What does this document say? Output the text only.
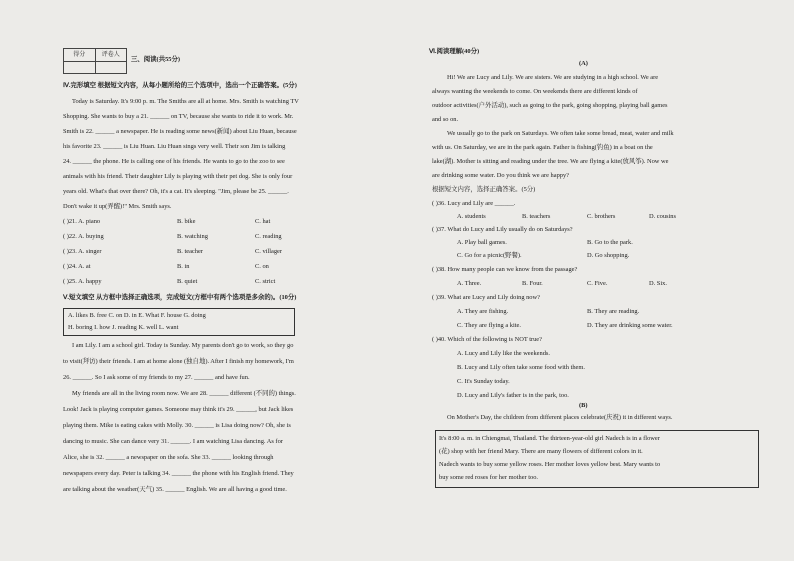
得分	评卷人
三、阅读(共55分)
Ⅳ.完形填空 根据短文内容，从每小题所给的三个选项中，选出一个正确答案。(5分)
Today is Saturday. It's 9:00 p. m. The Smiths are all at home. Mrs. Smith is watching TV
Shopping. She wants to buy a 21. ______ on TV, because she wants to ride it to work. Mr.
Smith is 22. ______ a newspaper. He is reading some news(新闻) about Liu Huan, because
his favorite 23. ______ is Liu Huan. Liu Huan sings very well. Their son Jim is talking
24. ______ the phone. He is calling one of his friends. He wants to go to the zoo to see
animals with his friend. Their daughter Lily is playing with their pet dog. She is only four
years old. What's that over there? Oh, it's a cat. It's sleeping. "Jim, please be 25. ______.
Don't wake it up(弄醒)!" Mrs. Smith says.
( )21. A. piano	B. bike	C. hat
( )22. A. buying	B. watching	C. reading
( )23. A. singer	B. teacher	C. villager
( )24. A. at	B. in	C. on
( )25. A. happy	B. quiet	C. strict
Ⅴ.短文填空 从方框中选择正确选项，完成短文(方框中有两个选项是多余的)。(10分)
A. likes B. free C. on D. in E. What F. house G. doing
H. boring I. how J. reading K. well L. want
I am Lily. I am a school girl. Today is Sunday. My parents don't go to work, so they go
to visit(拜访) their friends. I am at home alone (独自地). After I finish my homework, I'm
26. ______. So I ask some of my friends to my 27. ______ and have fun.
My friends are all in the living room now. We are 28. ______ different (不同的) things.
Look! Jack is playing computer games. Someone may think it's 29. ______, but Jack likes
playing them. Mike is eating cakes with Molly. 30. ______ is Lisa doing now? Oh, she is
dancing to music. She can dance very 31. ______. I am watching Lisa dancing. As for
Alice, she is 32. ______ a newspaper on the sofa. She 33. ______ looking through
newspapers every day. Peter is talking 34. ______ the phone with his English friend. They
are talking about the weather(天气) 35. ______ English. We are all having a good time.
Ⅵ.阅读理解(40分)
(A)
Hi! We are Lucy and Lily. We are sisters. We are studying in a high school. We are
always wanting the weekends to come. On weekends there are different kinds of
outdoor activities(户外活动), such as going to the park, going shopping, playing ball games
and so on.
We usually go to the park on Saturdays. We often take some bread, meat, water and milk
with us. On Saturday, we are in the park again. Father is fishing(钓鱼) in a boat on the
lake(湖). Mother is sitting and reading under the tree. We are flying a kite(放风筝). Now we
are drinking some water. Do you think we are happy?
根据短文内容，选择正确答案。(5分)
( )36. Lucy and Lily are ______.
A. students	B. teachers	C. brothers	D. cousins
( )37. What do Lucy and Lily usually do on Saturdays?
A. Play ball games.	B. Go to the park.
C. Go for a picnic(野餐).	D. Go shopping.
( )38. How many people can we know from the passage?
A. Three.	B. Four.	C. Five.	D. Six.
( )39. What are Lucy and Lily doing now?
A. They are fishing.	B. They are reading.
C. They are flying a kite.	D. They are drinking some water.
( )40. Which of the following is NOT true?
A. Lucy and Lily like the weekends.
B. Lucy and Lily often take some food with them.
C. It's Sunday today.
D. Lucy and Lily's father is in the park, too.
(B)
On Mother's Day, the children from different places celebrate(庆祝) it in different ways.
It's 8:00 a. m. in Chiengmai, Thailand. The thirteen-year-old girl Nadech is in a flower
(花) shop with her friend Mary. There are many flowers of different colors in it.
Nadech wants to buy some yellow roses. Her mother loves yellow best. Mary wants to
buy some red roses for her mother too.
